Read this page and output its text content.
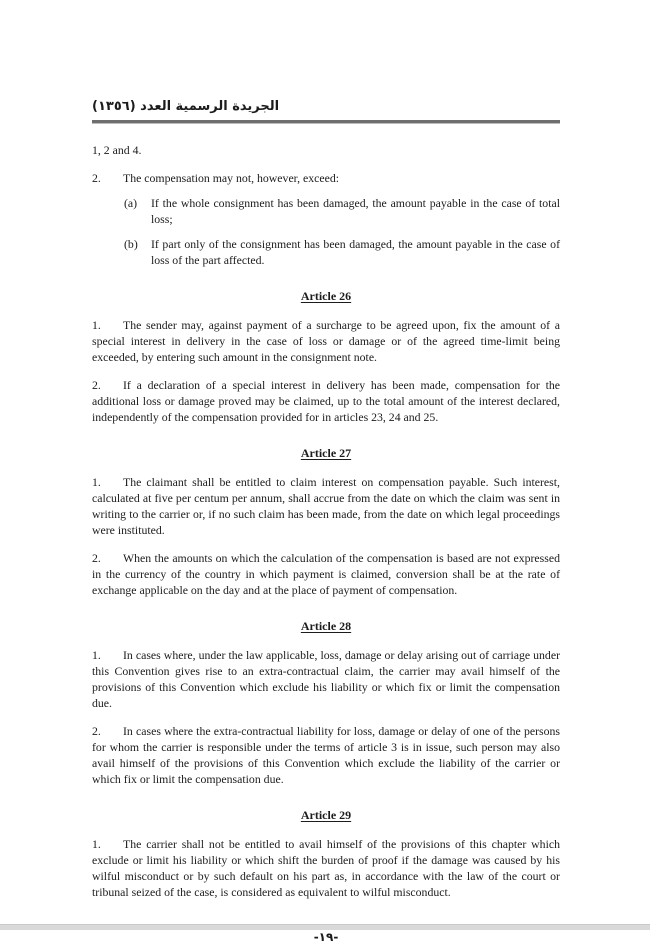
الجريدة الرسمية العدد (١٣٥٦)

1, 2 and 4.

2. The compensation may not, however, exceed:

(a) If the whole consignment has been damaged, the amount payable in the case of total loss;
(b) If part only of the consignment has been damaged, the amount payable in the case of loss of the part affected.
Article 26

1. The sender may, against payment of a surcharge to be agreed upon, fix the amount of a special interest in delivery in the case of loss or damage or of the agreed time-limit being exceeded, by entering such amount in the consignment note.

2. If a declaration of a special interest in delivery has been made, compensation for the additional loss or damage proved may be claimed, up to the total amount of the interest declared, independently of the compensation provided for in articles 23, 24 and 25.

Article 27

1. The claimant shall be entitled to claim interest on compensation payable. Such interest, calculated at five per centum per annum, shall accrue from the date on which the claim was sent in writing to the carrier or, if no such claim has been made, from the date on which legal proceedings were instituted.

2. When the amounts on which the calculation of the compensation is based are not expressed in the currency of the country in which payment is claimed, conversion shall be at the rate of exchange applicable on the day and at the place of payment of compensation.

Article 28

1. In cases where, under the law applicable, loss, damage or delay arising out of carriage under this Convention gives rise to an extra-contractual claim, the carrier may avail himself of the provisions of this Convention which exclude his liability or which fix or limit the compensation due.

2. In cases where the extra-contractual liability for loss, damage or delay of one of the persons for whom the carrier is responsible under the terms of article 3 is in issue, such person may also avail himself of the provisions of this Convention which exclude the liability of the carrier or which fix or limit the compensation due.

Article 29

1. The carrier shall not be entitled to avail himself of the provisions of this chapter which exclude or limit his liability or which shift the burden of proof if the damage was caused by his wilful misconduct or by such default on his part as, in accordance with the law of the court or tribunal seized of the case, is considered as equivalent to wilful misconduct.

-١٩-
